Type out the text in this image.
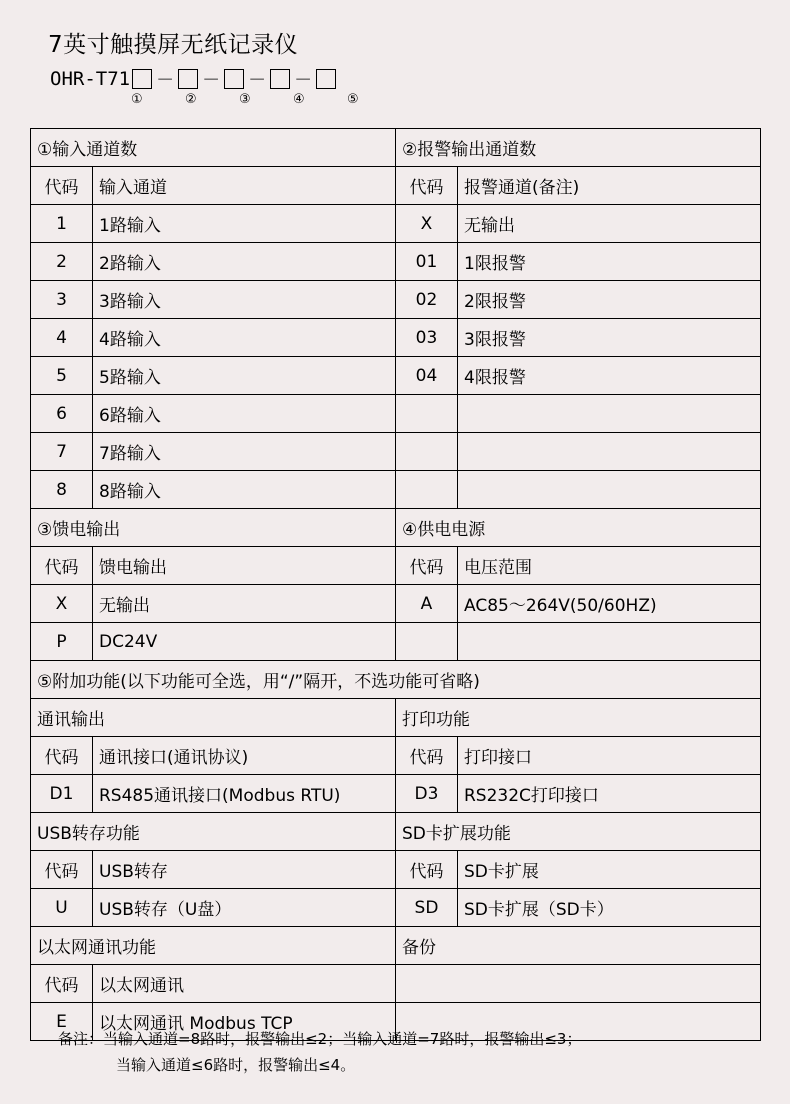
7英寸触摸屏无纸记录仪
OHR-T71 － － － －
①	②	③	④	⑤
①输入通道数		②报警输出通道数	
代码	输入通道	代码	报警通道(备注)
1	1路输入	X	无输出
2	2路输入	01	1限报警
3	3路输入	02	2限报警
4	4路输入	03	3限报警
5	5路输入	04	4限报警
6	6路输入		
7	7路输入		
8	8路输入		
③馈电输出		④供电电源	
代码	馈电输出	代码	电压范围
X	无输出	A	AC85～264V(50/60HZ)
P	DC24V		
⑤附加功能(以下功能可全选，用“/”隔开，不选功能可省略)			
通讯输出		打印功能	
代码	通讯接口(通讯协议)	代码	打印接口
D1	RS485通讯接口(Modbus RTU)	D3	RS232C打印接口
USB转存功能		SD卡扩展功能	
代码	USB转存	代码	SD卡扩展
U	USB转存（U盘）	SD	SD卡扩展（SD卡）
以太网通讯功能		备份	
代码	以太网通讯		
E	以太网通讯 Modbus TCP		
备注：当输入通道=8路时，报警输出≤2；当输入通道=7路时，报警输出≤3；
当输入通道≤6路时，报警输出≤4。
